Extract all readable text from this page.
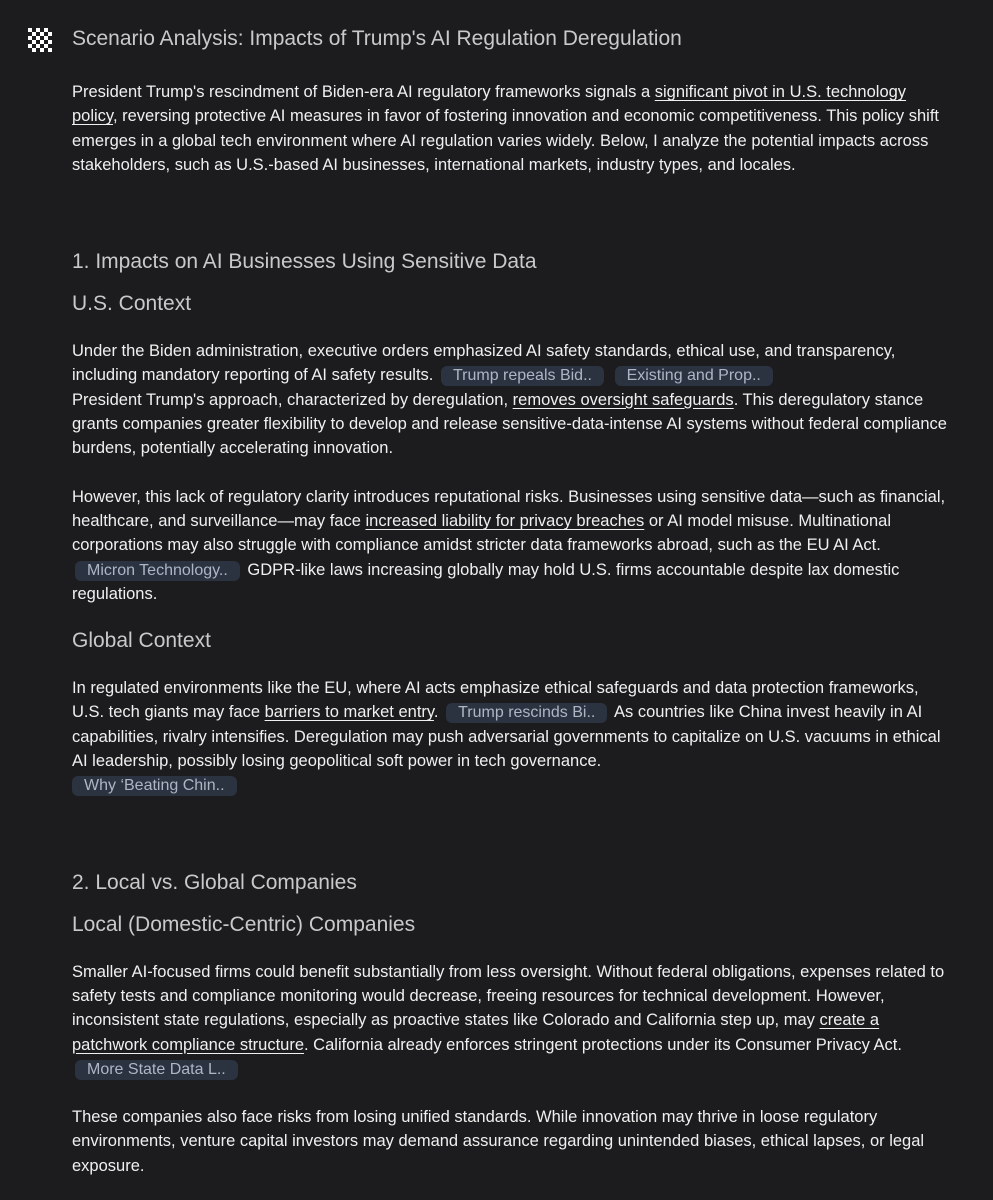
Scenario Analysis: Impacts of Trump's AI Regulation Deregulation

President Trump's rescindment of Biden-era AI regulatory frameworks signals a significant pivot in U.S. technology policy, reversing protective AI measures in favor of fostering innovation and economic competitiveness. This policy shift emerges in a global tech environment where AI regulation varies widely. Below, I analyze the potential impacts across stakeholders, such as U.S.-based AI businesses, international markets, industry types, and locales.

1. Impacts on AI Businesses Using Sensitive Data
U.S. Context

Under the Biden administration, executive orders emphasized AI safety standards, ethical use, and transparency, including mandatory reporting of AI safety results. Trump repeals Bid.. Existing and Prop..
President Trump's approach, characterized by deregulation, removes oversight safeguards. This deregulatory stance grants companies greater flexibility to develop and release sensitive-data-intense AI systems without federal compliance burdens, potentially accelerating innovation.

However, this lack of regulatory clarity introduces reputational risks. Businesses using sensitive data—such as financial, healthcare, and surveillance—may face increased liability for privacy breaches or AI model misuse. Multinational corporations may also struggle with compliance amidst stricter data frameworks abroad, such as the EU AI Act. Micron Technology.. GDPR-like laws increasing globally may hold U.S. firms accountable despite lax domestic regulations.

Global Context

In regulated environments like the EU, where AI acts emphasize ethical safeguards and data protection frameworks, U.S. tech giants may face barriers to market entry. Trump rescinds Bi.. As countries like China invest heavily in AI capabilities, rivalry intensifies. Deregulation may push adversarial governments to capitalize on U.S. vacuums in ethical AI leadership, possibly losing geopolitical soft power in tech governance.
Why ‘Beating Chin..

2. Local vs. Global Companies
Local (Domestic-Centric) Companies

Smaller AI-focused firms could benefit substantially from less oversight. Without federal obligations, expenses related to safety tests and compliance monitoring would decrease, freeing resources for technical development. However, inconsistent state regulations, especially as proactive states like Colorado and California step up, may create a patchwork compliance structure. California already enforces stringent protections under its Consumer Privacy Act. More State Data L..

These companies also face risks from losing unified standards. While innovation may thrive in loose regulatory environments, venture capital investors may demand assurance regarding unintended biases, ethical lapses, or legal exposure.
